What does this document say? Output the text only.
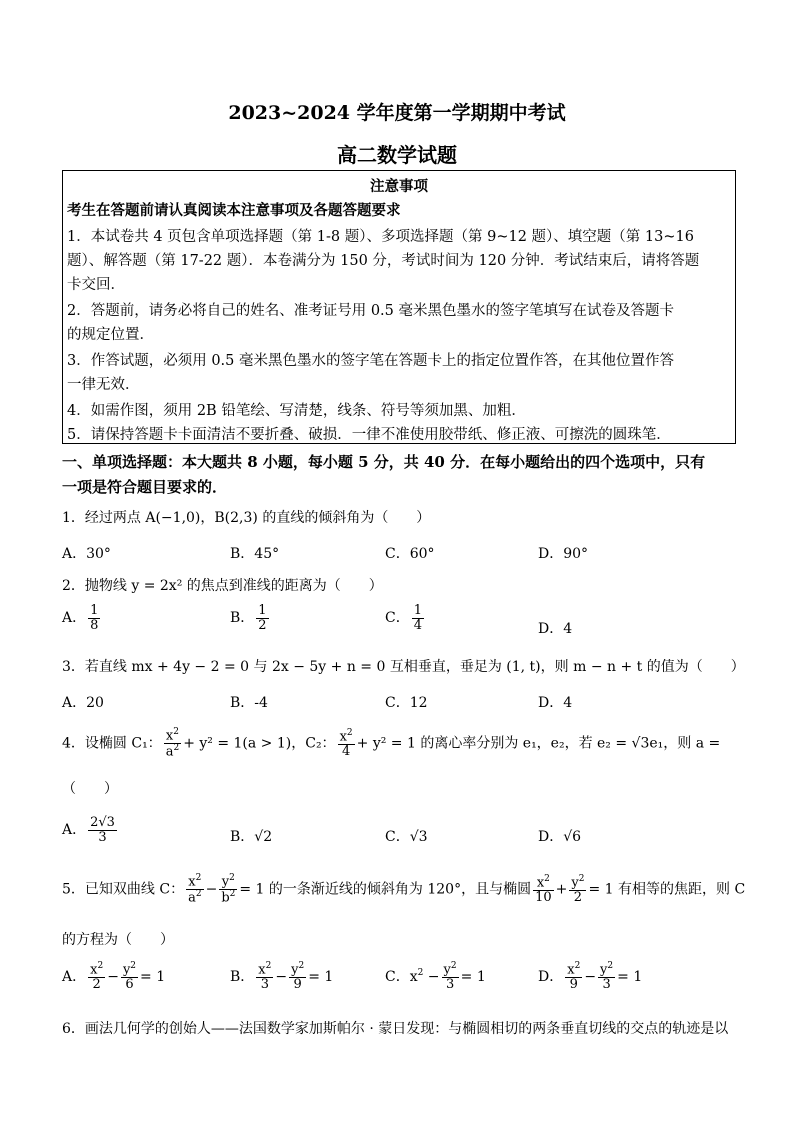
2023~2024 学年度第一学期期中考试
高二数学试题
注意事项
考生在答题前请认真阅读本注意事项及各题答题要求
1．本试卷共 4 页包含单项选择题（第 1-8 题）、多项选择题（第 9~12 题）、填空题（第 13~16
题）、解答题（第 17-22 题）．本卷满分为 150 分，考试时间为 120 分钟．考试结束后，请将答题
卡交回．
2．答题前，请务必将自己的姓名、准考证号用 0.5 毫米黑色墨水的签字笔填写在试卷及答题卡
的规定位置．
3．作答试题，必须用 0.5 毫米黑色墨水的签字笔在答题卡上的指定位置作答，在其他位置作答
一律无效．
4．如需作图，须用 2B 铅笔绘、写清楚，线条、符号等须加黑、加粗．
5．请保持答题卡卡面清洁不要折叠、破损．一律不准使用胶带纸、修正液、可擦洗的圆珠笔．
一、单项选择题：本大题共 8 小题，每小题 5 分，共 40 分．在每小题给出的四个选项中，只有
一项是符合题目要求的．
1．经过两点 A(−1,0)，B(2,3) 的直线的倾斜角为（　　）
A．30°	B．45°	C．60°	D．90°
2．抛物线 y = 2x² 的焦点到准线的距离为（　　）
A． $\frac{1}{8}$	B． $\frac{1}{2}$	C． $\frac{1}{4}$	D．4
3．若直线 mx + 4y − 2 = 0 与 2x − 5y + n = 0 互相垂直，垂足为 (1, t)，则 m − n + t 的值为（　　）
A．20	B．-4	C．12	D．4
4．设椭圆 C₁： $\frac{x^2}{a^2} + y^2 = 1(a > 1)$，C₂： $\frac{x^2}{4} + y^2 = 1$ 的离心率分别为 e₁，e₂，若 e₂ = √3e₁，则 a =
（　　）
A． $\frac{2√3}{3}$	B．√2	C．√3	D．√6
5．已知双曲线 C： $\frac{x^2}{a^2} - \frac{y^2}{b^2} = 1$ 的一条渐近线的倾斜角为 120°，且与椭圆 $\frac{x^2}{10} + \frac{y^2}{2} = 1$ 有相等的焦距，则 C
的方程为（　　）
A． $\frac{x^2}{2} - \frac{y^2}{6} = 1$	B． $\frac{x^2}{3} - \frac{y^2}{9} = 1$	C．$x^2 - \frac{y^2}{3} = 1$	D． $\frac{x^2}{9} - \frac{y^2}{3} = 1$
6．画法几何学的创始人——法国数学家加斯帕尔 · 蒙日发现：与椭圆相切的两条垂直切线的交点的轨迹是以
